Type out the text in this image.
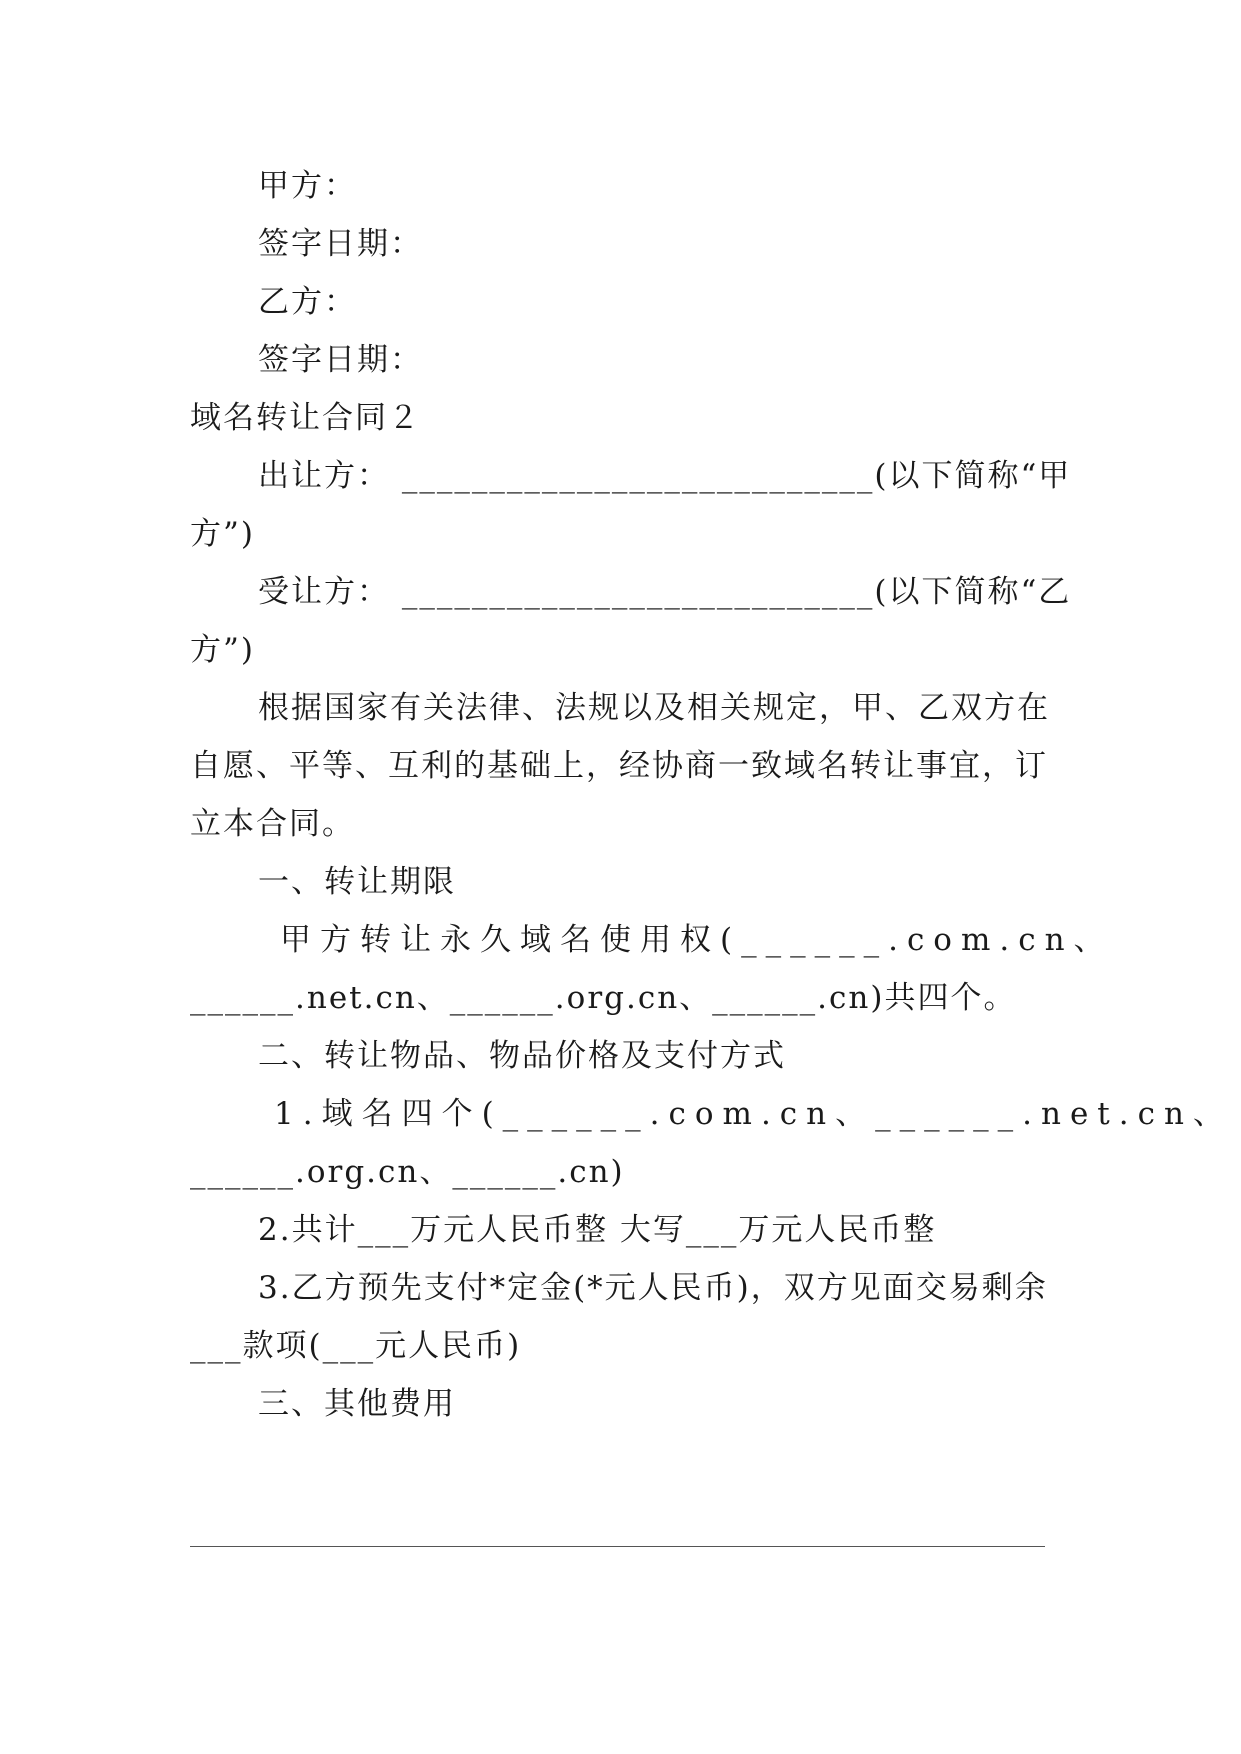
甲方：
签字日期：
乙方：
签字日期：
域名转让合同２
出让方： ___________________________(以下简称“甲
方”)
受让方： ___________________________(以下简称“乙
方”)
根据国家有关法律、法规以及相关规定，甲、乙双方在
自愿、平等、互利的基础上，经协商一致域名转让事宜，订
立本合同。
一、转让期限
甲方转让永久域名使用权(______.com.cn、
______.net.cn、______.org.cn、______.cn)共四个。
二、转让物品、物品价格及支付方式
1.域名四个(______.com.cn、______.net.cn、
______.org.cn、______.cn)
2.共计___万元人民币整 大写___万元人民币整
3.乙方预先支付*定金(*元人民币)，双方见面交易剩余
___款项(___元人民币)
三、其他费用
